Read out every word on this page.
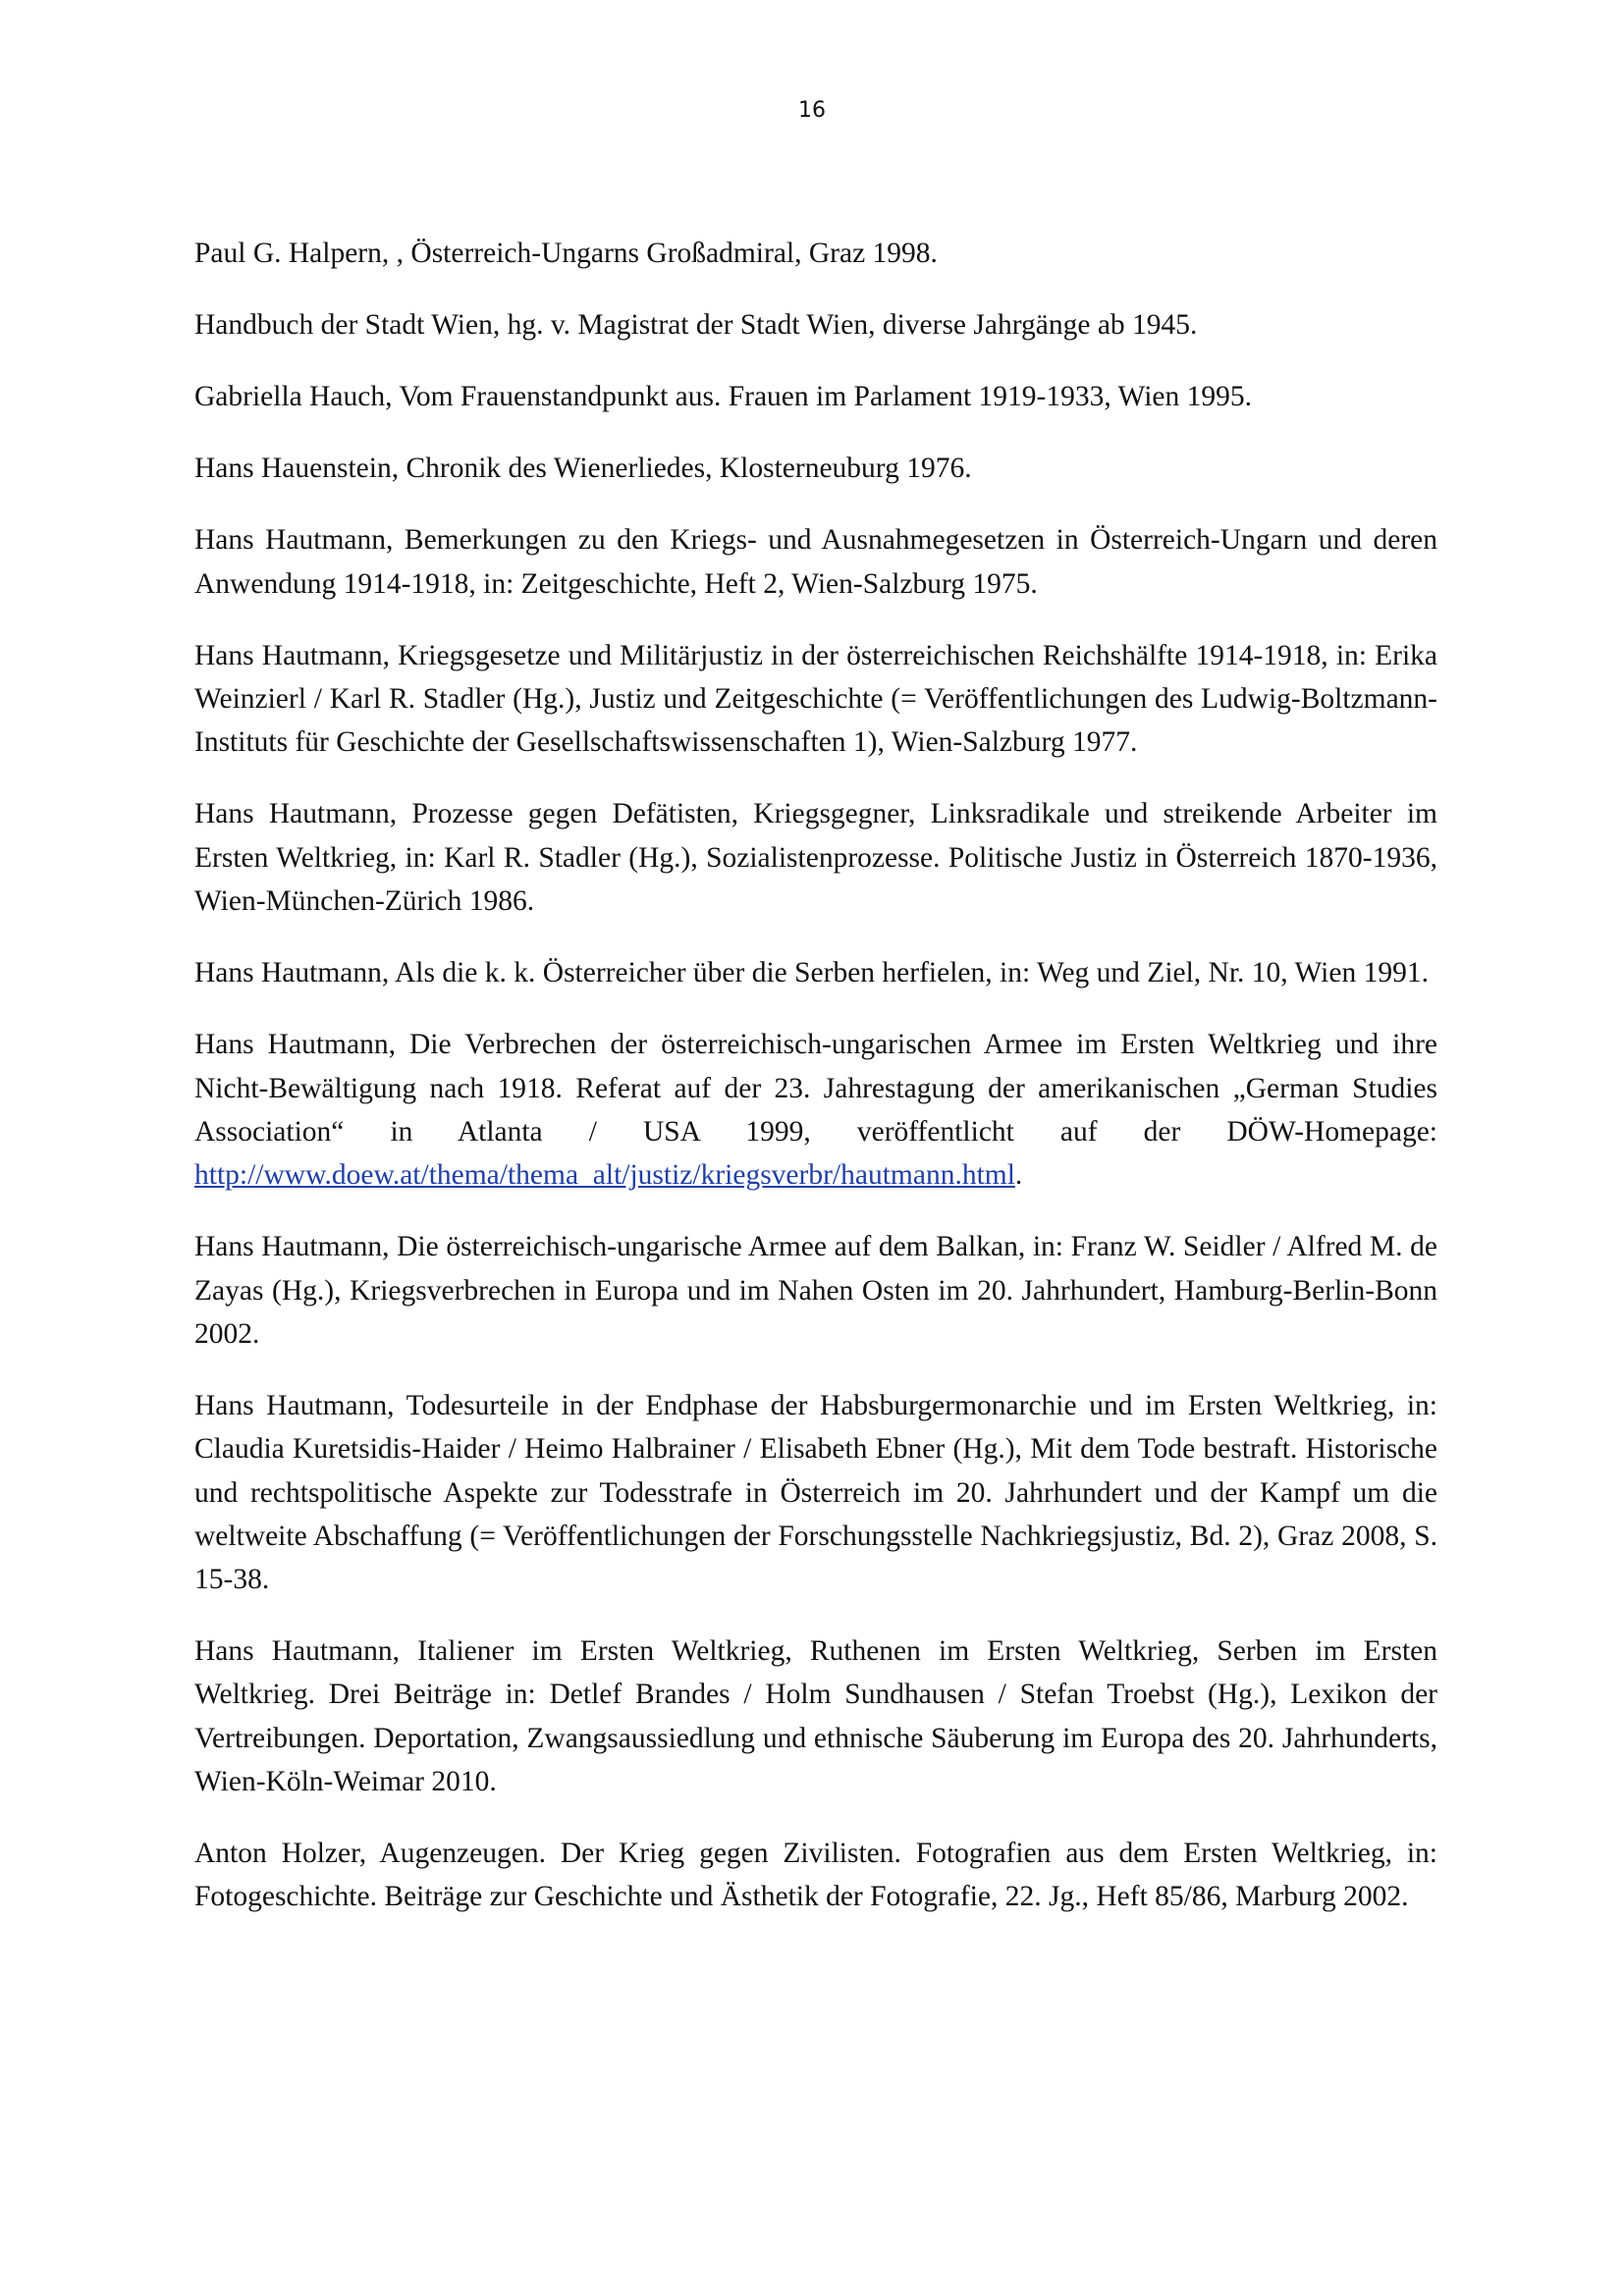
16
Paul G. Halpern, , Österreich-Ungarns Großadmiral, Graz 1998.
Handbuch der Stadt Wien, hg. v. Magistrat der Stadt Wien, diverse Jahrgänge ab 1945.
Gabriella Hauch, Vom Frauenstandpunkt aus. Frauen im Parlament 1919-1933, Wien 1995.
Hans Hauenstein, Chronik des Wienerliedes, Klosterneuburg 1976.
Hans Hautmann, Bemerkungen zu den Kriegs- und Ausnahmegesetzen in Österreich-Ungarn und deren Anwendung 1914-1918, in: Zeitgeschichte, Heft 2, Wien-Salzburg 1975.
Hans Hautmann, Kriegsgesetze und Militärjustiz in der österreichischen Reichshälfte 1914-1918, in: Erika Weinzierl / Karl R. Stadler (Hg.), Justiz und Zeitgeschichte (= Veröffentlichungen des Ludwig-Boltzmann-Instituts für Geschichte der Gesellschaftswissenschaften 1), Wien-Salzburg 1977.
Hans Hautmann, Prozesse gegen Defätisten, Kriegsgegner, Linksradikale und streikende Arbeiter im Ersten Weltkrieg, in: Karl R. Stadler (Hg.), Sozialistenprozesse. Politische Justiz in Österreich 1870-1936, Wien-München-Zürich 1986.
Hans Hautmann, Als die k. k. Österreicher über die Serben herfielen, in: Weg und Ziel, Nr. 10, Wien 1991.
Hans Hautmann, Die Verbrechen der österreichisch-ungarischen Armee im Ersten Weltkrieg und ihre Nicht-Bewältigung nach 1918. Referat auf der 23. Jahrestagung der amerikanischen „German Studies Association“ in Atlanta / USA 1999, veröffentlicht auf der DÖW-Homepage: http://www.doew.at/thema/thema_alt/justiz/kriegsverbr/hautmann.html.
Hans Hautmann, Die österreichisch-ungarische Armee auf dem Balkan, in: Franz W. Seidler / Alfred M. de Zayas (Hg.), Kriegsverbrechen in Europa und im Nahen Osten im 20. Jahrhundert, Hamburg-Berlin-Bonn 2002.
Hans Hautmann, Todesurteile in der Endphase der Habsburgermonarchie und im Ersten Weltkrieg, in: Claudia Kuretsidis-Haider / Heimo Halbrainer / Elisabeth Ebner (Hg.), Mit dem Tode bestraft. Historische und rechtspolitische Aspekte zur Todesstrafe in Österreich im 20. Jahrhundert und der Kampf um die weltweite Abschaffung (= Veröffentlichungen der Forschungsstelle Nachkriegsjustiz, Bd. 2), Graz 2008, S. 15-38.
Hans Hautmann, Italiener im Ersten Weltkrieg, Ruthenen im Ersten Weltkrieg, Serben im Ersten Weltkrieg. Drei Beiträge in: Detlef Brandes / Holm Sundhausen / Stefan Troebst (Hg.), Lexikon der Vertreibungen. Deportation, Zwangsaussiedlung und ethnische Säuberung im Europa des 20. Jahrhunderts, Wien-Köln-Weimar 2010.
Anton Holzer, Augenzeugen. Der Krieg gegen Zivilisten. Fotografien aus dem Ersten Weltkrieg, in: Fotogeschichte. Beiträge zur Geschichte und Ästhetik der Fotografie, 22. Jg., Heft 85/86, Marburg 2002.
